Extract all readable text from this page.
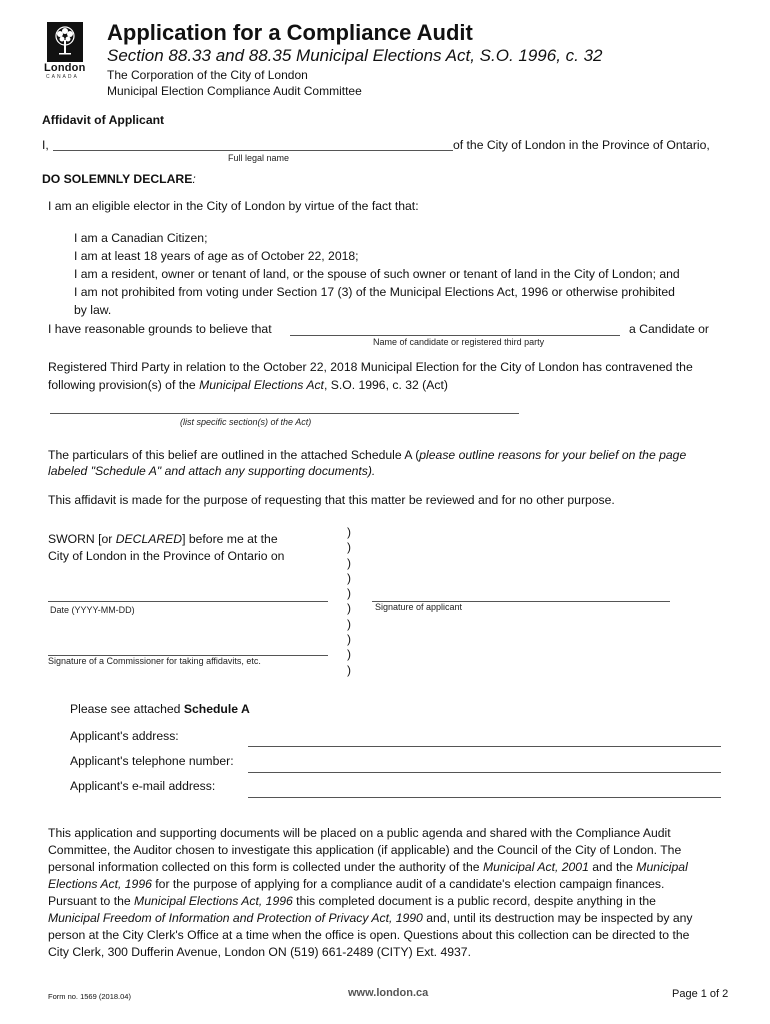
London
CANADA
Application for a Compliance Audit
Section 88.33 and 88.35 Municipal Elections Act, S.O. 1996, c. 32
The Corporation of the City of London
Municipal Election Compliance Audit Committee
Affidavit of Applicant
I,	of the City of London in the Province of Ontario,
Full legal name
DO SOLEMNLY DECLARE:
I am an eligible elector in the City of London by virtue of the fact that:
I am a Canadian Citizen;
I am at least 18 years of age as of October 22, 2018;
I am a resident, owner or tenant of land, or the spouse of such owner or tenant of land in the City of London; and
I am not prohibited from voting under Section 17 (3) of the Municipal Elections Act, 1996 or otherwise prohibited
by law.
I have reasonable grounds to believe that	a Candidate or
Name of candidate or registered third party
Registered Third Party in relation to the October 22, 2018 Municipal Election for the City of London has contravened the
following provision(s) of the Municipal Elections Act, S.O. 1996, c. 32 (Act)
(list specific section(s) of the Act)
The particulars of this belief are outlined in the attached Schedule A (please outline reasons for your belief on the page
labeled "Schedule A" and attach any supporting documents).
This affidavit is made for the purpose of requesting that this matter be reviewed and for no other purpose.
SWORN [or DECLARED] before me at the
City of London in the Province of Ontario on
)
)
)
)
)
)
)
)
)
)
Date (YYYY-MM-DD)	Signature of applicant
Signature of a Commissioner for taking affidavits, etc.
Please see attached Schedule A
Applicant's address:
Applicant's telephone number:
Applicant's e-mail address:
This application and supporting documents will be placed on a public agenda and shared with the Compliance Audit
Committee, the Auditor chosen to investigate this application (if applicable) and the Council of the City of London. The
personal information collected on this form is collected under the authority of the Municipal Act, 2001 and the Municipal
Elections Act, 1996 for the purpose of applying for a compliance audit of a candidate's election campaign finances.
Pursuant to the Municipal Elections Act, 1996 this completed document is a public record, despite anything in the
Municipal Freedom of Information and Protection of Privacy Act, 1990 and, until its destruction may be inspected by any
person at the City Clerk's Office at a time when the office is open. Questions about this collection can be directed to the
City Clerk, 300 Dufferin Avenue, London ON (519) 661-2489 (CITY) Ext. 4937.
Form no. 1569 (2018.04)	www.london.ca	Page 1 of 2
